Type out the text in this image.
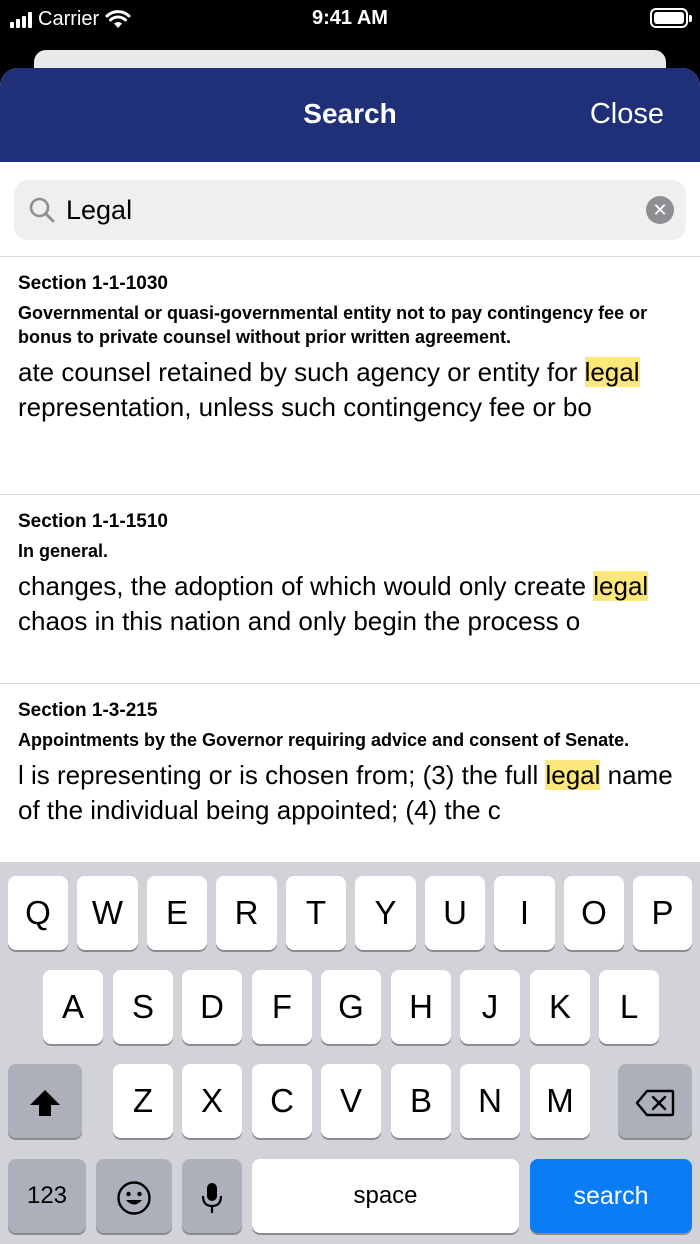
Carrier	9:41 AM
Search	Close
Legal	✕
Section 1-1-1030
Governmental or quasi-governmental entity not to pay contingency fee or bonus to private counsel without prior written agreement.
ate counsel retained by such agency or entity for legal representation, unless such contingency fee or bo
Section 1-1-1510
In general.
changes, the adoption of which would only create legal chaos in this nation and only begin the process o
Section 1-3-215
Appointments by the Governor requiring advice and consent of Senate.
l is representing or is chosen from; (3) the full legal name of the individual being appointed; (4) the c
Q	W	E	R	T	Y	U	I	O	P
A	S	D	F	G	H	J	K	L
Z	X	C	V	B	N	M
123	space	search
